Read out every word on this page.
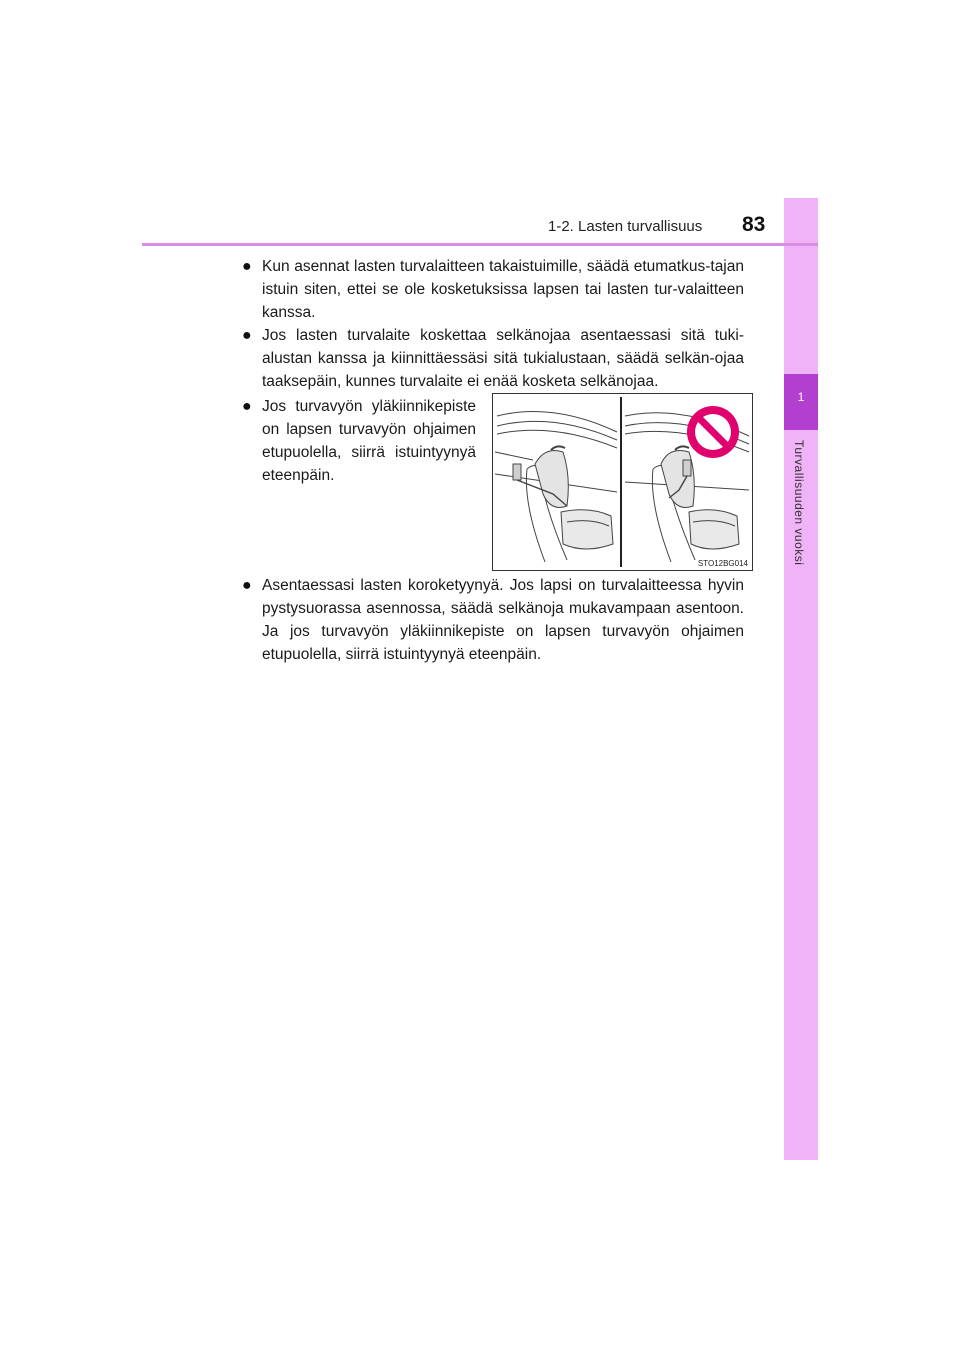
1
Turvallisuuden vuoksi
1-2. Lasten turvallisuus 83
● Kun asennat lasten turvalaitteen takaistuimille, säädä etumatkus-tajan istuin siten, ettei se ole kosketuksissa lapsen tai lasten tur-valaitteen kanssa.
● Jos lasten turvalaite koskettaa selkänojaa asentaessasi sitä tuki-alustan kanssa ja kiinnittäessäsi sitä tukialustaan, säädä selkän-ojaa taaksepäin, kunnes turvalaite ei enää kosketa selkänojaa.
● Jos turvavyön yläkiinnikepiste on lapsen turvavyön ohjaimen etupuolella, siirrä istuintyynyä eteenpäin.
STO12BG014
● Asentaessasi lasten koroketyynyä. Jos lapsi on turvalaitteessa hyvin pystysuorassa asennossa, säädä selkänoja mukavampaan asentoon. Ja jos turvavyön yläkiinnikepiste on lapsen turvavyön ohjaimen etupuolella, siirrä istuintyynyä eteenpäin.
